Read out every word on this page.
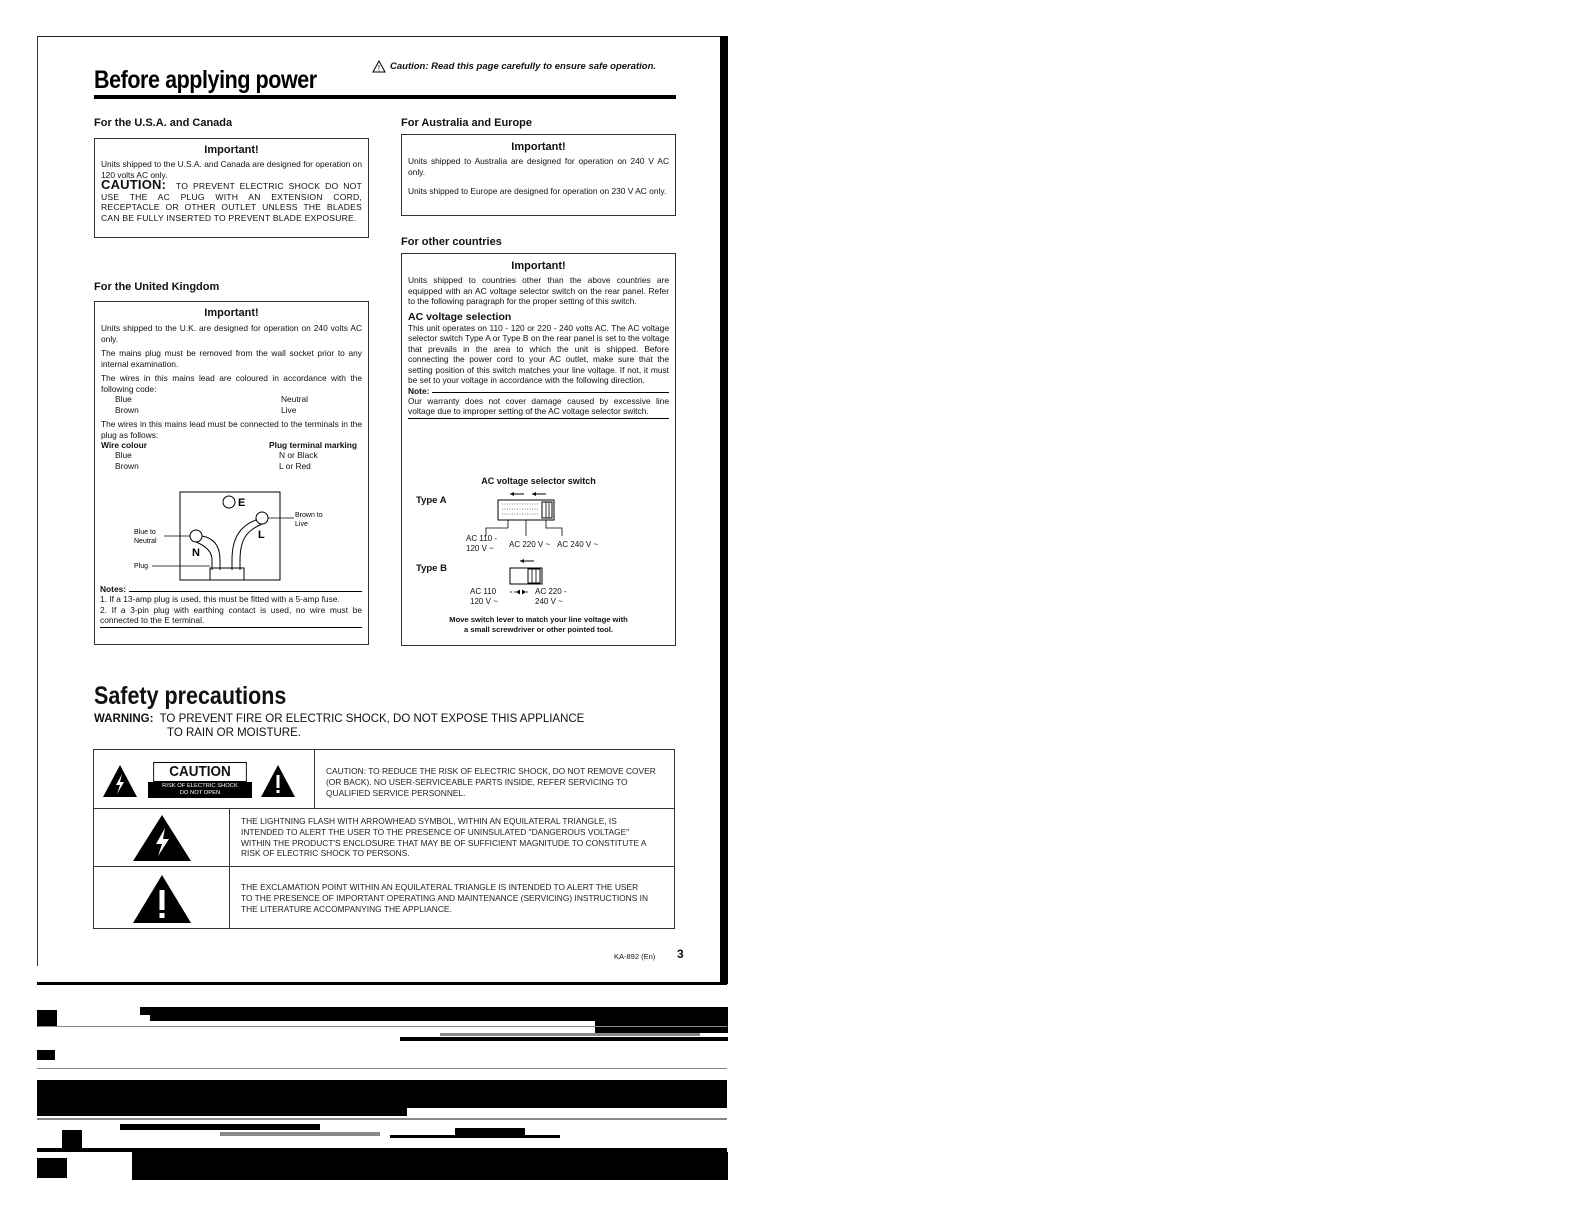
Before applying power	! Caution: Read this page carefully to ensure safe operation.
For the U.S.A. and Canada
Important!
Units shipped to the U.S.A. and Canada are designed for operation on 120 volts AC only.
CAUTION: TO PREVENT ELECTRIC SHOCK DO NOT USE THE AC PLUG WITH AN EXTENSION CORD, RECEPTACLE OR OTHER OUTLET UNLESS THE BLADES CAN BE FULLY INSERTED TO PREVENT BLADE EXPOSURE.
For the United Kingdom
Important!
Units shipped to the U.K. are designed for operation on 240 volts AC only.
The mains plug must be removed from the wall socket prior to any internal examination.
The wires in this mains lead are coloured in accordance with the following code:
Blue	Neutral
Brown	Live
The wires in this mains lead must be connected to the terminals in the plug as follows:
Wire colour	Plug terminal marking
Blue	N or Black
Brown	L or Red
E
N
L
Brown to
Live
Blue to
Neutral
Plug
Notes:
1. If a 13-amp plug is used, this must be fitted with a 5-amp fuse.
2. If a 3-pin plug with earthing contact is used, no wire must be connected to the E terminal.
For Australia and Europe
Important!
Units shipped to Australia are designed for operation on 240 V AC only.
Units shipped to Europe are designed for operation on 230 V AC only.
For other countries
Important!
Units shipped to countries other than the above countries are equipped with an AC voltage selector switch on the rear panel. Refer to the following paragraph for the proper setting of this switch.
AC voltage selection
This unit operates on 110 - 120 or 220 - 240 volts AC. The AC voltage selector switch Type A or Type B on the rear panel is set to the voltage that prevails in the area to which the unit is shipped. Before connecting the power cord to your AC outlet, make sure that the setting position of this switch matches your line voltage. If not, it must be set to your voltage in accordance with the following direction.
Note:
Our warranty does not cover damage caused by excessive line voltage due to improper setting of the AC voltage selector switch.
AC voltage selector switch
Type A
AC 110 -
120 V ~	AC 220 V ~ AC 240 V ~
Type B
AC 110
120 V ~
AC 220 -
240 V ~
Move switch lever to match your line voltage with
a small screwdriver or other pointed tool.
Safety precautions
WARNING: TO PREVENT FIRE OR ELECTRIC SHOCK, DO NOT EXPOSE THIS APPLIANCE
TO RAIN OR MOISTURE.
CAUTION
RISK OF ELECTRIC SHOCK
DO NOT OPEN
CAUTION: TO REDUCE THE RISK OF ELECTRIC SHOCK, DO NOT REMOVE COVER (OR BACK). NO USER-SERVICEABLE PARTS INSIDE, REFER SERVICING TO QUALIFIED SERVICE PERSONNEL.
THE LIGHTNING FLASH WITH ARROWHEAD SYMBOL, WITHIN AN EQUILATERAL TRIANGLE, IS INTENDED TO ALERT THE USER TO THE PRESENCE OF UNINSULATED "DANGEROUS VOLTAGE" WITHIN THE PRODUCT'S ENCLOSURE THAT MAY BE OF SUFFICIENT MAGNITUDE TO CONSTITUTE A RISK OF ELECTRIC SHOCK TO PERSONS.
THE EXCLAMATION POINT WITHIN AN EQUILATERAL TRIANGLE IS INTENDED TO ALERT THE USER TO THE PRESENCE OF IMPORTANT OPERATING AND MAINTENANCE (SERVICING) INSTRUCTIONS IN THE LITERATURE ACCOMPANYING THE APPLIANCE.
KA-892 (En) 3
